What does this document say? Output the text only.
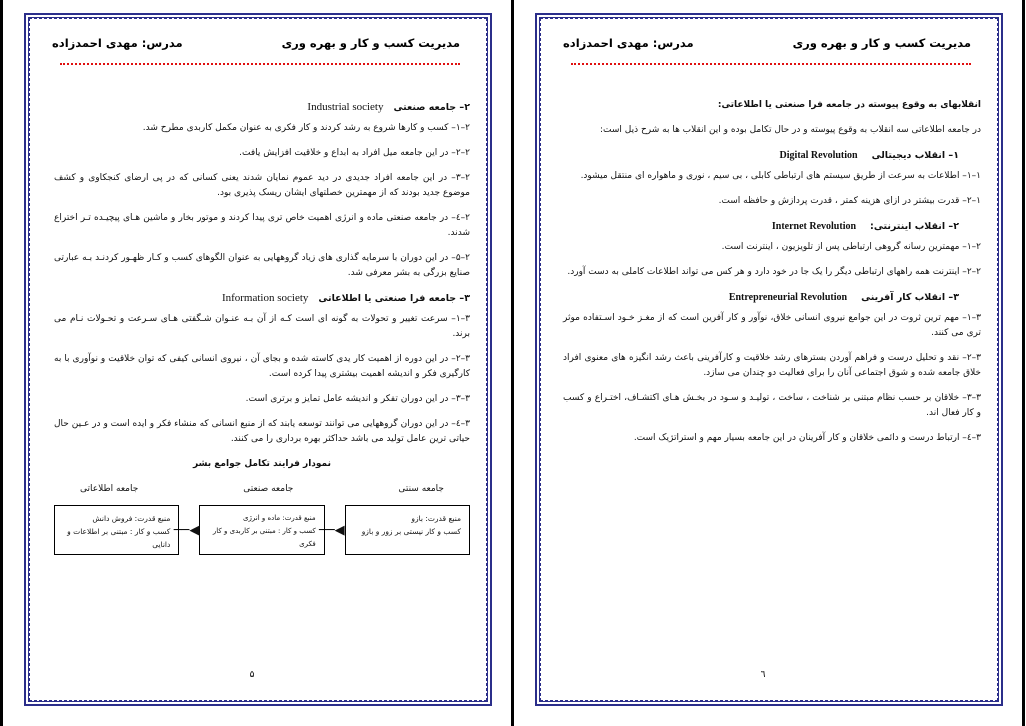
مدیریت کسب و کار و بهره وری
مدرس: مهدی احمدزاده
۲– جامعه صنعتیIndustrial society

۲–۱– کسب و کارها شروع به رشد کردند و کار فکری به عنوان مکمل کاربدی مطرح شد.

۲–۲– در این جامعه میل افراد به ابداع و خلاقیت افزایش یافت.

۲–۳– در این جامعه افراد جدیدی در دید عموم نمایان شدند یعنی کسانی که در پی ارضای کنجکاوی و کشف موضوع جدید بودند که از مهمترین خصلتهای ایشان ریسک پذیری بود.

۲–٤– در جامعه صنعتی ماده و انرژی اهمیت خاص تری پیدا کردند و موتور بخار و ماشین هـای پیچیـده تـر اختراع شدند.

۲–۵– در این دوران با سرمایه گذاری های زیاد گروههایی به عنوان الگوهای کسب و کـار ظهـور کردنـد بـه عبارتی صنایع بزرگی به بشر معرفی شد.

۳– جامعه فرا صنعتی یا اطلاعاتیInformation society

۳–۱– سرعت تغییر و تحولات به گونه ای است کـه از آن بـه عنـوان شـگفتی هـای سـرعت و تحـولات نـام می برند.

۳–۲– در این دوره از اهمیت کار یدی کاسته شده و بجای آن ، نیروی انسانی کیفی که توان خلاقیت و نوآوری با به کارگیری فکر و اندیشه اهمیت بیشتری پیدا کرده است.

۳–۳– در این دوران تفکر و اندیشه عامل تمایز و برتری است.

۳–٤– در این دوران گروههایی می توانند توسعه یابند که از منبع انسانی که منشاء فکر و ایده است و در عـین حال حیاتی ترین عامل تولید می باشد حداکثر بهره برداری را می کنند.

نمودار فرایند تکامل جوامع بشر
جامعه سنتی
جامعه صنعتی
جامعه اطلاعاتی
منبع قدرت: بازو
کسب و کار نیستی بر زور و بازو
◀──
منبع قدرت: ماده و انرژی
کسب و کار : مبتنی بر کاربدی و کار فکری
◀──
منبع قدرت: فروش دانش
کسب و کار : مبتنی بر اطلاعات و دانایی
۵
مدیریت کسب و کار و بهره وری
مدرس: مهدی احمدزاده
انقلابهای به وقوع پیوسته در جامعه فرا صنعتی یا اطلاعاتی:

در جامعه اطلاعاتی سه انقلاب به وقوع پیوسته و در حال تکامل بوده و این انقلاب ها به شرح ذیل است:

۱– انقلاب دیجیتالیDigital Revolution

۱–۱– اطلاعات به سرعت از طریق سیستم های ارتباطی کابلی ، بی سیم ، نوری و ماهواره ای منتقل میشود.

۱–۲– قدرت بیشتر در ازای هزینه کمتر ، قدرت پردازش و حافظه است.

۲– انقلاب اینترنتی:Internet Revolution

۲–۱– مهمترین رسانه گروهی ارتباطی پس از تلویزیون ، اینترنت است.

۲–۲– اینترنت همه راههای ارتباطی دیگر را یک جا در خود دارد و هر کس می تواند اطلاعات کاملی به دست آورد.

۳– انقلاب کار آفرینیEntrepreneurial Revolution

۳–۱– مهم ترین ثروت در این جوامع نیروی انسانی خلاق، نوآور و کار آفرین است که از مغـز خـود اسـتفاده موثر تری می کنند.

۳–۲– نقد و تحلیل درست و فراهم آوردن بسترهای رشد خلاقیت و کارآفرینی باعث رشد انگیزه های معنوی افراد خلاق جامعه شده و شوق اجتماعی آنان را برای فعالیت دو چندان می سازد.

۳–۳– خلاقان بر حسب نظام مبتنی بر شناخت ، ساخت ، تولیـد و سـود در بخـش هـای اکتشـاف، اختـراع و کسب و کار فعال اند.

۳–٤– ارتباط درست و دائمی خلاقان و کار آفرینان در این جامعه بسیار مهم و استراتژیک است.

٦
